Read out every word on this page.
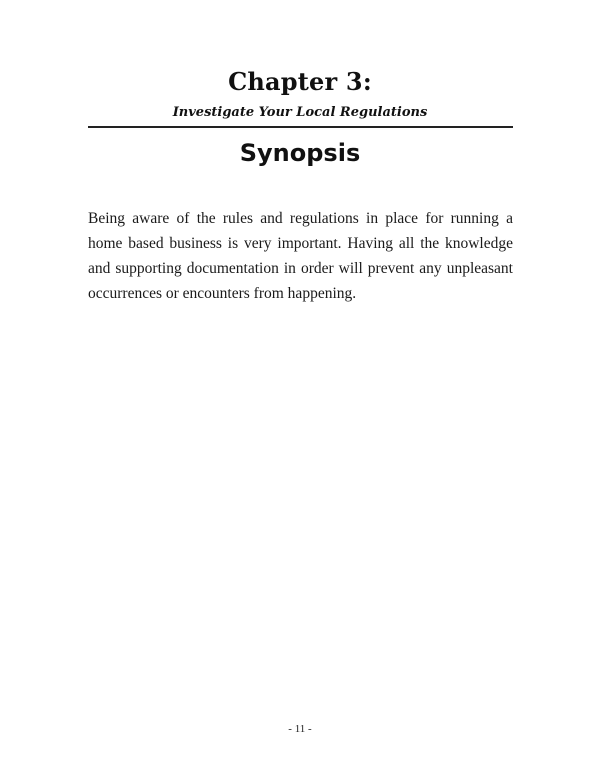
Chapter 3:
Investigate Your Local Regulations
Synopsis

Being aware of the rules and regulations in place for running a home based business is very important. Having all the knowledge and supporting documentation in order will prevent any unpleasant occurrences or encounters from happening.

- 11 -
